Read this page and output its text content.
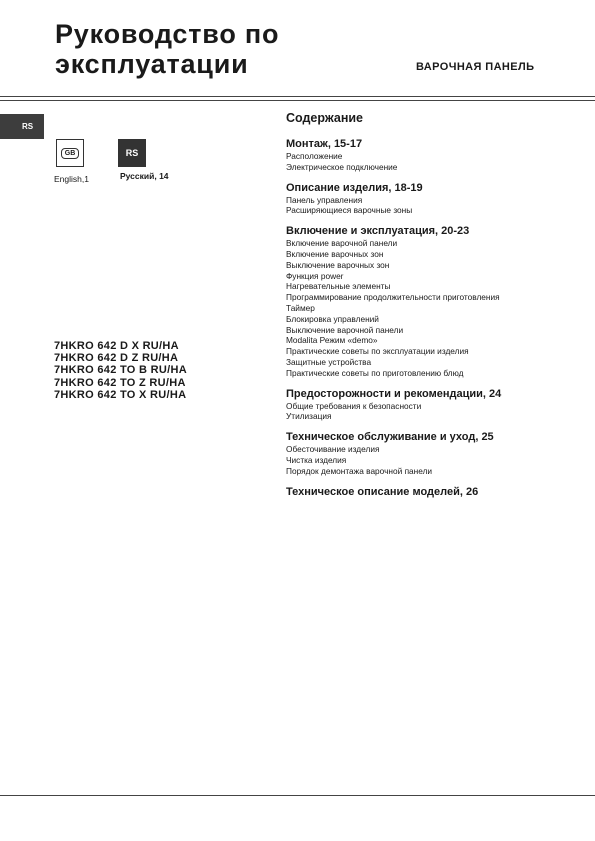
Руководство по
эксплуатации	ВАРОЧНАЯ ПАНЕЛЬ
RS
GB
English,1
RS
Русский, 14
7HKRO 642 D X RU/HA
7HKRO 642 D Z RU/HA
7HKRO 642 TO B RU/HA
7HKRO 642 TO Z RU/HA
7HKRO 642 TO X RU/HA
Содержание
Монтаж, 15-17
Расположение
Электрическое подключение
Описание изделия, 18-19
Панель управления
Расширяющиеся варочные зоны
Включение и эксплуатация, 20-23
Включение варочной панели
Включение варочных зон
Выключение варочных зон
Функция power
Нагревательные элементы
Программирование продолжительности приготовления
Таймер
Блокировка управлений
Выключение варочной панели
Modalita Режим «demo»
Практические советы по эксплуатации изделия
Защитные устройства
Практические советы по приготовлению блюд
Предосторожности и рекомендации, 24
Общие требования к безопасности
Утилизация
Техническое обслуживание и уход, 25
Обесточивание изделия
Чистка изделия
Порядок демонтажа варочной панели
Техническое описание моделей, 26
